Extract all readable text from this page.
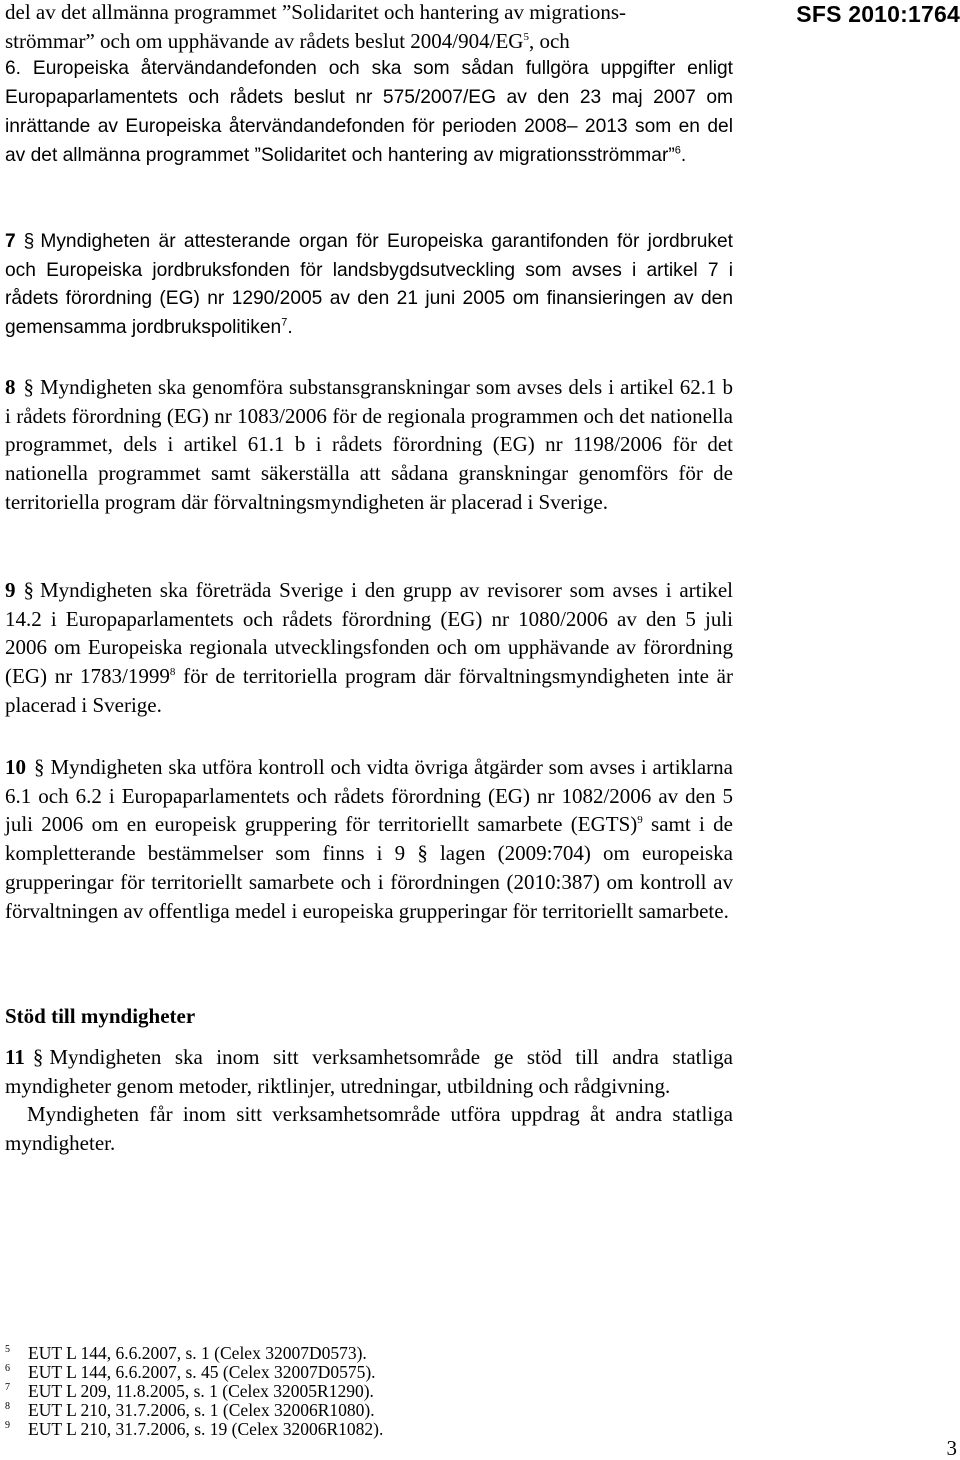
SFS 2010:1764

del av det allmänna programmet ”Solidaritet och hantering av migrations-

strömmar” och om upphävande av rådets beslut $2004/904/EG^5$, och

6. Europeiska återvändandefonden och ska som sådan fullgöra uppgifter enligt Europaparlamentets och rådets beslut nr 575/2007/EG av den 23 maj 2007 om inrättande av Europeiska återvändandefonden för perioden 2008– 2013 som en del av det allmänna programmet ”Solidaritet och hantering av migrationsströmmar”$^6$.

7 § Myndigheten är attesterande organ för Europeiska garantifonden för jordbruket och Europeiska jordbruksfonden för landsbygdsutveckling som avses i artikel 7 i rådets förordning (EG) nr 1290/2005 av den 21 juni 2005 om finansieringen av den gemensamma jordbrukspolitiken$^7$.

8 § Myndigheten ska genomföra substansgranskningar som avses dels i artikel 62.1 b i rådets förordning (EG) nr 1083/2006 för de regionala programmen och det nationella programmet, dels i artikel 61.1 b i rådets förordning (EG) nr 1198/2006 för det nationella programmet samt säkerställa att sådana granskningar genomförs för de territoriella program där förvaltningsmyndigheten är placerad i Sverige.

9 § Myndigheten ska företräda Sverige i den grupp av revisorer som avses i artikel 14.2 i Europaparlamentets och rådets förordning (EG) nr 1080/2006 av den 5 juli 2006 om Europeiska regionala utvecklingsfonden och om upphävande av förordning (EG) nr 1783/1999$^8$ för de territoriella program där förvaltningsmyndigheten inte är placerad i Sverige.

10 § Myndigheten ska utföra kontroll och vidta övriga åtgärder som avses i artiklarna 6.1 och 6.2 i Europaparlamentets och rådets förordning (EG) nr 1082/2006 av den 5 juli 2006 om en europeisk gruppering för territoriellt samarbete (EGTS)$^9$ samt i de kompletterande bestämmelser som finns i 9 § lagen (2009:704) om europeiska grupperingar för territoriellt samarbete och i förordningen (2010:387) om kontroll av förvaltningen av offentliga medel i europeiska grupperingar för territoriellt samarbete.

Stöd till myndigheter

11 § Myndigheten ska inom sitt verksamhetsområde ge stöd till andra statliga myndigheter genom metoder, riktlinjer, utredningar, utbildning och rådgivning.

Myndigheten får inom sitt verksamhetsområde utföra uppdrag åt andra statliga myndigheter.

$^5$ EUT L 144, 6.6.2007, s. 1 (Celex 32007D0573).
$^6$ EUT L 144, 6.6.2007, s. 45 (Celex 32007D0575).
$^7$ EUT L 209, 11.8.2005, s. 1 (Celex 32005R1290).
$^8$ EUT L 210, 31.7.2006, s. 1 (Celex 32006R1080).
$^9$ EUT L 210, 31.7.2006, s. 19 (Celex 32006R1082).
3
